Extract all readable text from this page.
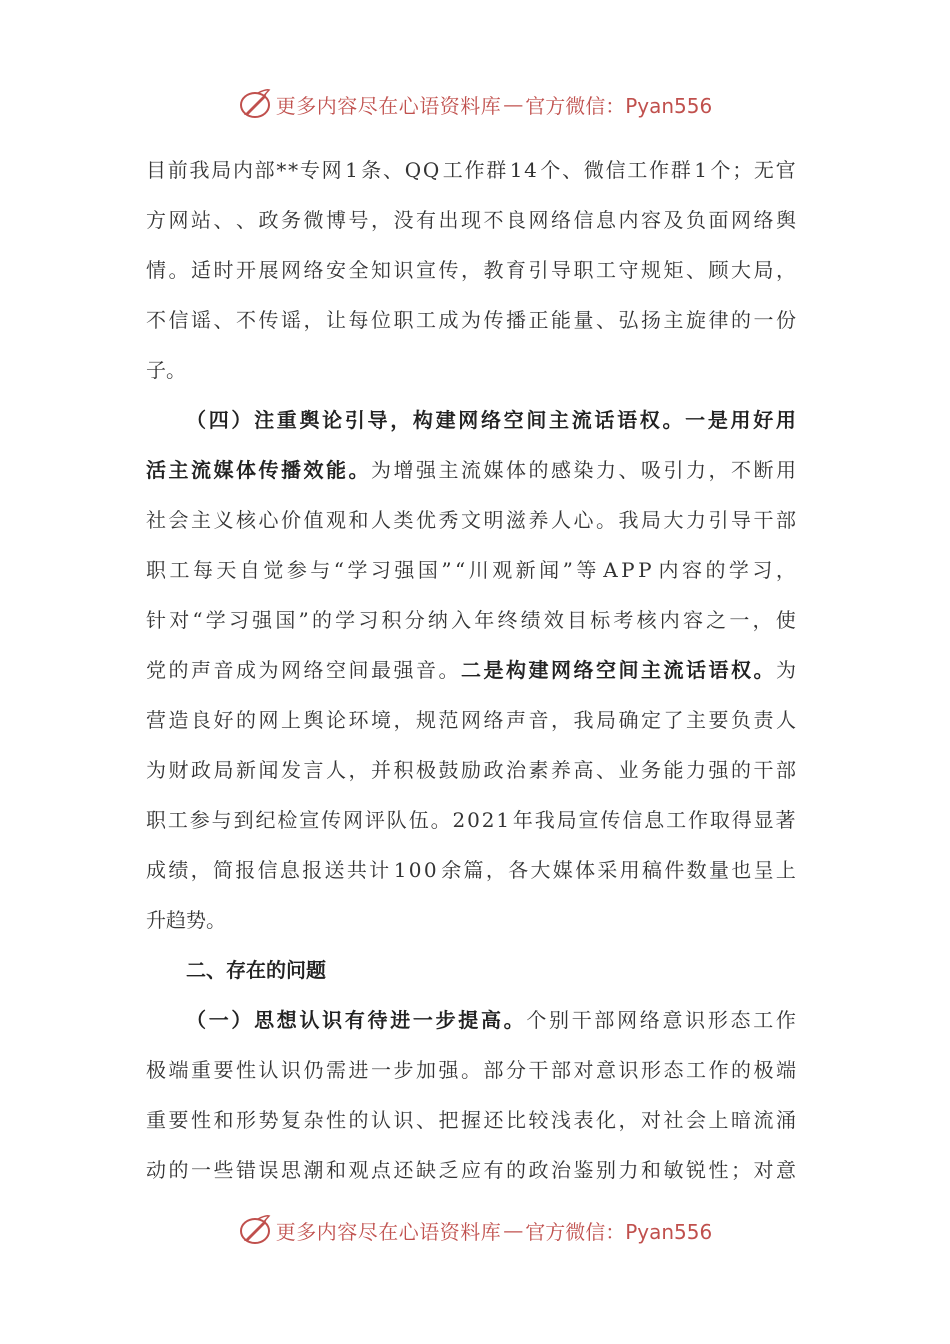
更多内容尽在心语资料库 — 官方微信：Pyan556
目 前 我 局 内 部 * * 专 网 1 条 、 Q Q 工 作 群 1 4 个 、 微 信 工 作 群 1 个 ； 无 官
方 网 站 、 、 政 务 微 博 号 ， 没 有 出 现 不 良 网 络 信 息 内 容 及 负 面 网 络 舆
情 。 适 时 开 展 网 络 安 全 知 识 宣 传 ， 教 育 引 导 职 工 守 规 矩 、 顾 大 局 ，
不 信 谣 、 不 传 谣 ， 让 每 位 职 工 成 为 传 播 正 能 量 、 弘 扬 主 旋 律 的 一 份
子 。
（ 四 ） 注 重 舆 论 引 导 ， 构 建 网 络 空 间 主 流 话 语 权 。 一 是 用 好 用
活 主 流 媒 体 传 播 效 能 。 为 增 强 主 流 媒 体 的 感 染 力 、 吸 引 力 ， 不 断 用
社 会 主 义 核 心 价 值 观 和 人 类 优 秀 文 明 滋 养 人 心 。 我 局 大 力 引 导 干 部
职 工 每 天 自 觉 参 与 “ 学 习 强 国 ” “ 川 观 新 闻 ” 等 A P P 内 容 的 学 习 ，
针 对 “ 学 习 强 国 ” 的 学 习 积 分 纳 入 年 终 绩 效 目 标 考 核 内 容 之 一 ， 使
党 的 声 音 成 为 网 络 空 间 最 强 音 。 二 是 构 建 网 络 空 间 主 流 话 语 权 。 为
营 造 良 好 的 网 上 舆 论 环 境 ， 规 范 网 络 声 音 ， 我 局 确 定 了 主 要 负 责 人
为 财 政 局 新 闻 发 言 人 ， 并 积 极 鼓 励 政 治 素 养 高 、 业 务 能 力 强 的 干 部
职 工 参 与 到 纪 检 宣 传 网 评 队 伍 。 2 0 2 1 年 我 局 宣 传 信 息 工 作 取 得 显 著
成 绩 ， 简 报 信 息 报 送 共 计 1 0 0 余 篇 ， 各 大 媒 体 采 用 稿 件 数 量 也 呈 上
升 趋 势 。
二 、 存 在 的 问 题
（ 一 ） 思 想 认 识 有 待 进 一 步 提 高 。 个 别 干 部 网 络 意 识 形 态 工 作
极 端 重 要 性 认 识 仍 需 进 一 步 加 强 。 部 分 干 部 对 意 识 形 态 工 作 的 极 端
重 要 性 和 形 势 复 杂 性 的 认 识 、 把 握 还 比 较 浅 表 化 ， 对 社 会 上 暗 流 涌
动 的 一 些 错 误 思 潮 和 观 点 还 缺 乏 应 有 的 政 治 鉴 别 力 和 敏 锐 性 ； 对 意
更多内容尽在心语资料库 — 官方微信：Pyan556
